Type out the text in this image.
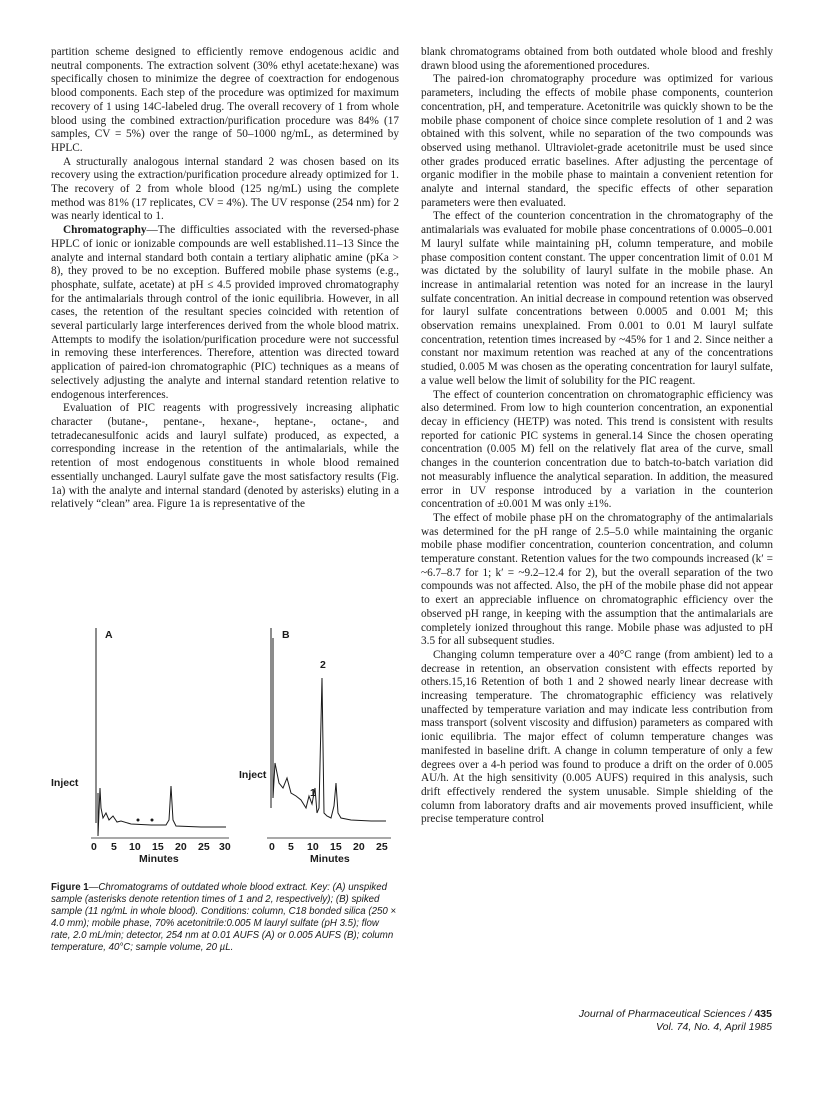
partition scheme designed to efficiently remove endogenous acidic and neutral components. The extraction solvent (30% ethyl acetate:hexane) was specifically chosen to minimize the degree of coextraction for endogenous blood components. Each step of the procedure was optimized for maximum recovery of 1 using 14C-labeled drug. The overall recovery of 1 from whole blood using the combined extraction/purification procedure was 84% (17 samples, CV = 5%) over the range of 50–1000 ng/mL, as determined by HPLC.

A structurally analogous internal standard 2 was chosen based on its recovery using the extraction/purification procedure already optimized for 1. The recovery of 2 from whole blood (125 ng/mL) using the complete method was 81% (17 replicates, CV = 4%). The UV response (254 nm) for 2 was nearly identical to 1.

Chromatography—The difficulties associated with the reversed-phase HPLC of ionic or ionizable compounds are well established.11–13 Since the analyte and internal standard both contain a tertiary aliphatic amine (pKa > 8), they proved to be no exception. Buffered mobile phase systems (e.g., phosphate, sulfate, acetate) at pH ≤ 4.5 provided improved chromatography for the antimalarials through control of the ionic equilibria. However, in all cases, the retention of the resultant species coincided with retention of several particularly large interferences derived from the whole blood matrix. Attempts to modify the isolation/purification procedure were not successful in removing these interferences. Therefore, attention was directed toward application of paired-ion chromatographic (PIC) techniques as a means of selectively adjusting the analyte and internal standard retention relative to endogenous interferences.

Evaluation of PIC reagents with progressively increasing aliphatic character (butane-, pentane-, hexane-, heptane-, octane-, and tetradecanesulfonic acids and lauryl sulfate) produced, as expected, a corresponding increase in the retention of the antimalarials, while the retention of most endogenous constituents in whole blood remained essentially unchanged. Lauryl sulfate gave the most satisfactory results (Fig. 1a) with the analyte and internal standard (denoted by asterisks) eluting in a relatively “clean” area. Figure 1a is representative of the

A
Inject
0 5 10 15 20 25 30
Minutes
B
Inject
2
1
0 5 10 15 20 25
Minutes
Figure 1—Chromatograms of outdated whole blood extract. Key: (A) unspiked sample (asterisks denote retention times of 1 and 2, respectively); (B) spiked sample (11 ng/mL in whole blood). Conditions: column, C18 bonded silica (250 × 4.0 mm); mobile phase, 70% acetonitrile:0.005 M lauryl sulfate (pH 3.5); flow rate, 2.0 mL/min; detector, 254 nm at 0.01 AUFS (A) or 0.005 AUFS (B); column temperature, 40°C; sample volume, 20 µL.

blank chromatograms obtained from both outdated whole blood and freshly drawn blood using the aforementioned procedures.

The paired-ion chromatography procedure was optimized for various parameters, including the effects of mobile phase components, counterion concentration, pH, and temperature. Acetonitrile was quickly shown to be the mobile phase component of choice since complete resolution of 1 and 2 was obtained with this solvent, while no separation of the two compounds was observed using methanol. Ultraviolet-grade acetonitrile must be used since other grades produced erratic baselines. After adjusting the percentage of organic modifier in the mobile phase to maintain a convenient retention for analyte and internal standard, the specific effects of other separation parameters were then evaluated.

The effect of the counterion concentration in the chromatography of the antimalarials was evaluated for mobile phase concentrations of 0.0005–0.001 M lauryl sulfate while maintaining pH, column temperature, and mobile phase composition content constant. The upper concentration limit of 0.01 M was dictated by the solubility of lauryl sulfate in the mobile phase. An increase in antimalarial retention was noted for an increase in the lauryl sulfate concentration. An initial decrease in compound retention was observed for lauryl sulfate concentrations between 0.0005 and 0.001 M; this observation remains unexplained. From 0.001 to 0.01 M lauryl sulfate concentration, retention times increased by ~45% for 1 and 2. Since neither a constant nor maximum retention was reached at any of the concentrations studied, 0.005 M was chosen as the operating concentration for lauryl sulfate, a value well below the limit of solubility for the PIC reagent.

The effect of counterion concentration on chromatographic efficiency was also determined. From low to high counterion concentration, an exponential decay in efficiency (HETP) was noted. This trend is consistent with results reported for cationic PIC systems in general.14 Since the chosen operating concentration (0.005 M) fell on the relatively flat area of the curve, small changes in the counterion concentration due to batch-to-batch variation did not measurably influence the analytical separation. In addition, the measured error in UV response introduced by a variation in the counterion concentration of ±0.001 M was only ±1%.

The effect of mobile phase pH on the chromatography of the antimalarials was determined for the pH range of 2.5–5.0 while maintaining the organic mobile phase modifier concentration, counterion concentration, and column temperature constant. Retention values for the two compounds increased (k′ = ~6.7–8.7 for 1; k′ = ~9.2–12.4 for 2), but the overall separation of the two compounds was not affected. Also, the pH of the mobile phase did not appear to exert an appreciable influence on chromatographic efficiency over the observed pH range, in keeping with the assumption that the antimalarials are completely ionized throughout this range. Mobile phase was adjusted to pH 3.5 for all subsequent studies.

Changing column temperature over a 40°C range (from ambient) led to a decrease in retention, an observation consistent with effects reported by others.15,16 Retention of both 1 and 2 showed nearly linear decrease with increasing temperature. The chromatographic efficiency was relatively unaffected by temperature variation and may indicate less contribution from mass transport (solvent viscosity and diffusion) parameters as compared with ionic equilibria. The major effect of column temperature changes was manifested in baseline drift. A change in column temperature of only a few degrees over a 4-h period was found to produce a drift on the order of 0.005 AU/h. At the high sensitivity (0.005 AUFS) required in this analysis, such drift effectively rendered the system unusable. Simple shielding of the column from laboratory drafts and air movements proved insufficient, while precise temperature control

Journal of Pharmaceutical Sciences / 435
Vol. 74, No. 4, April 1985
